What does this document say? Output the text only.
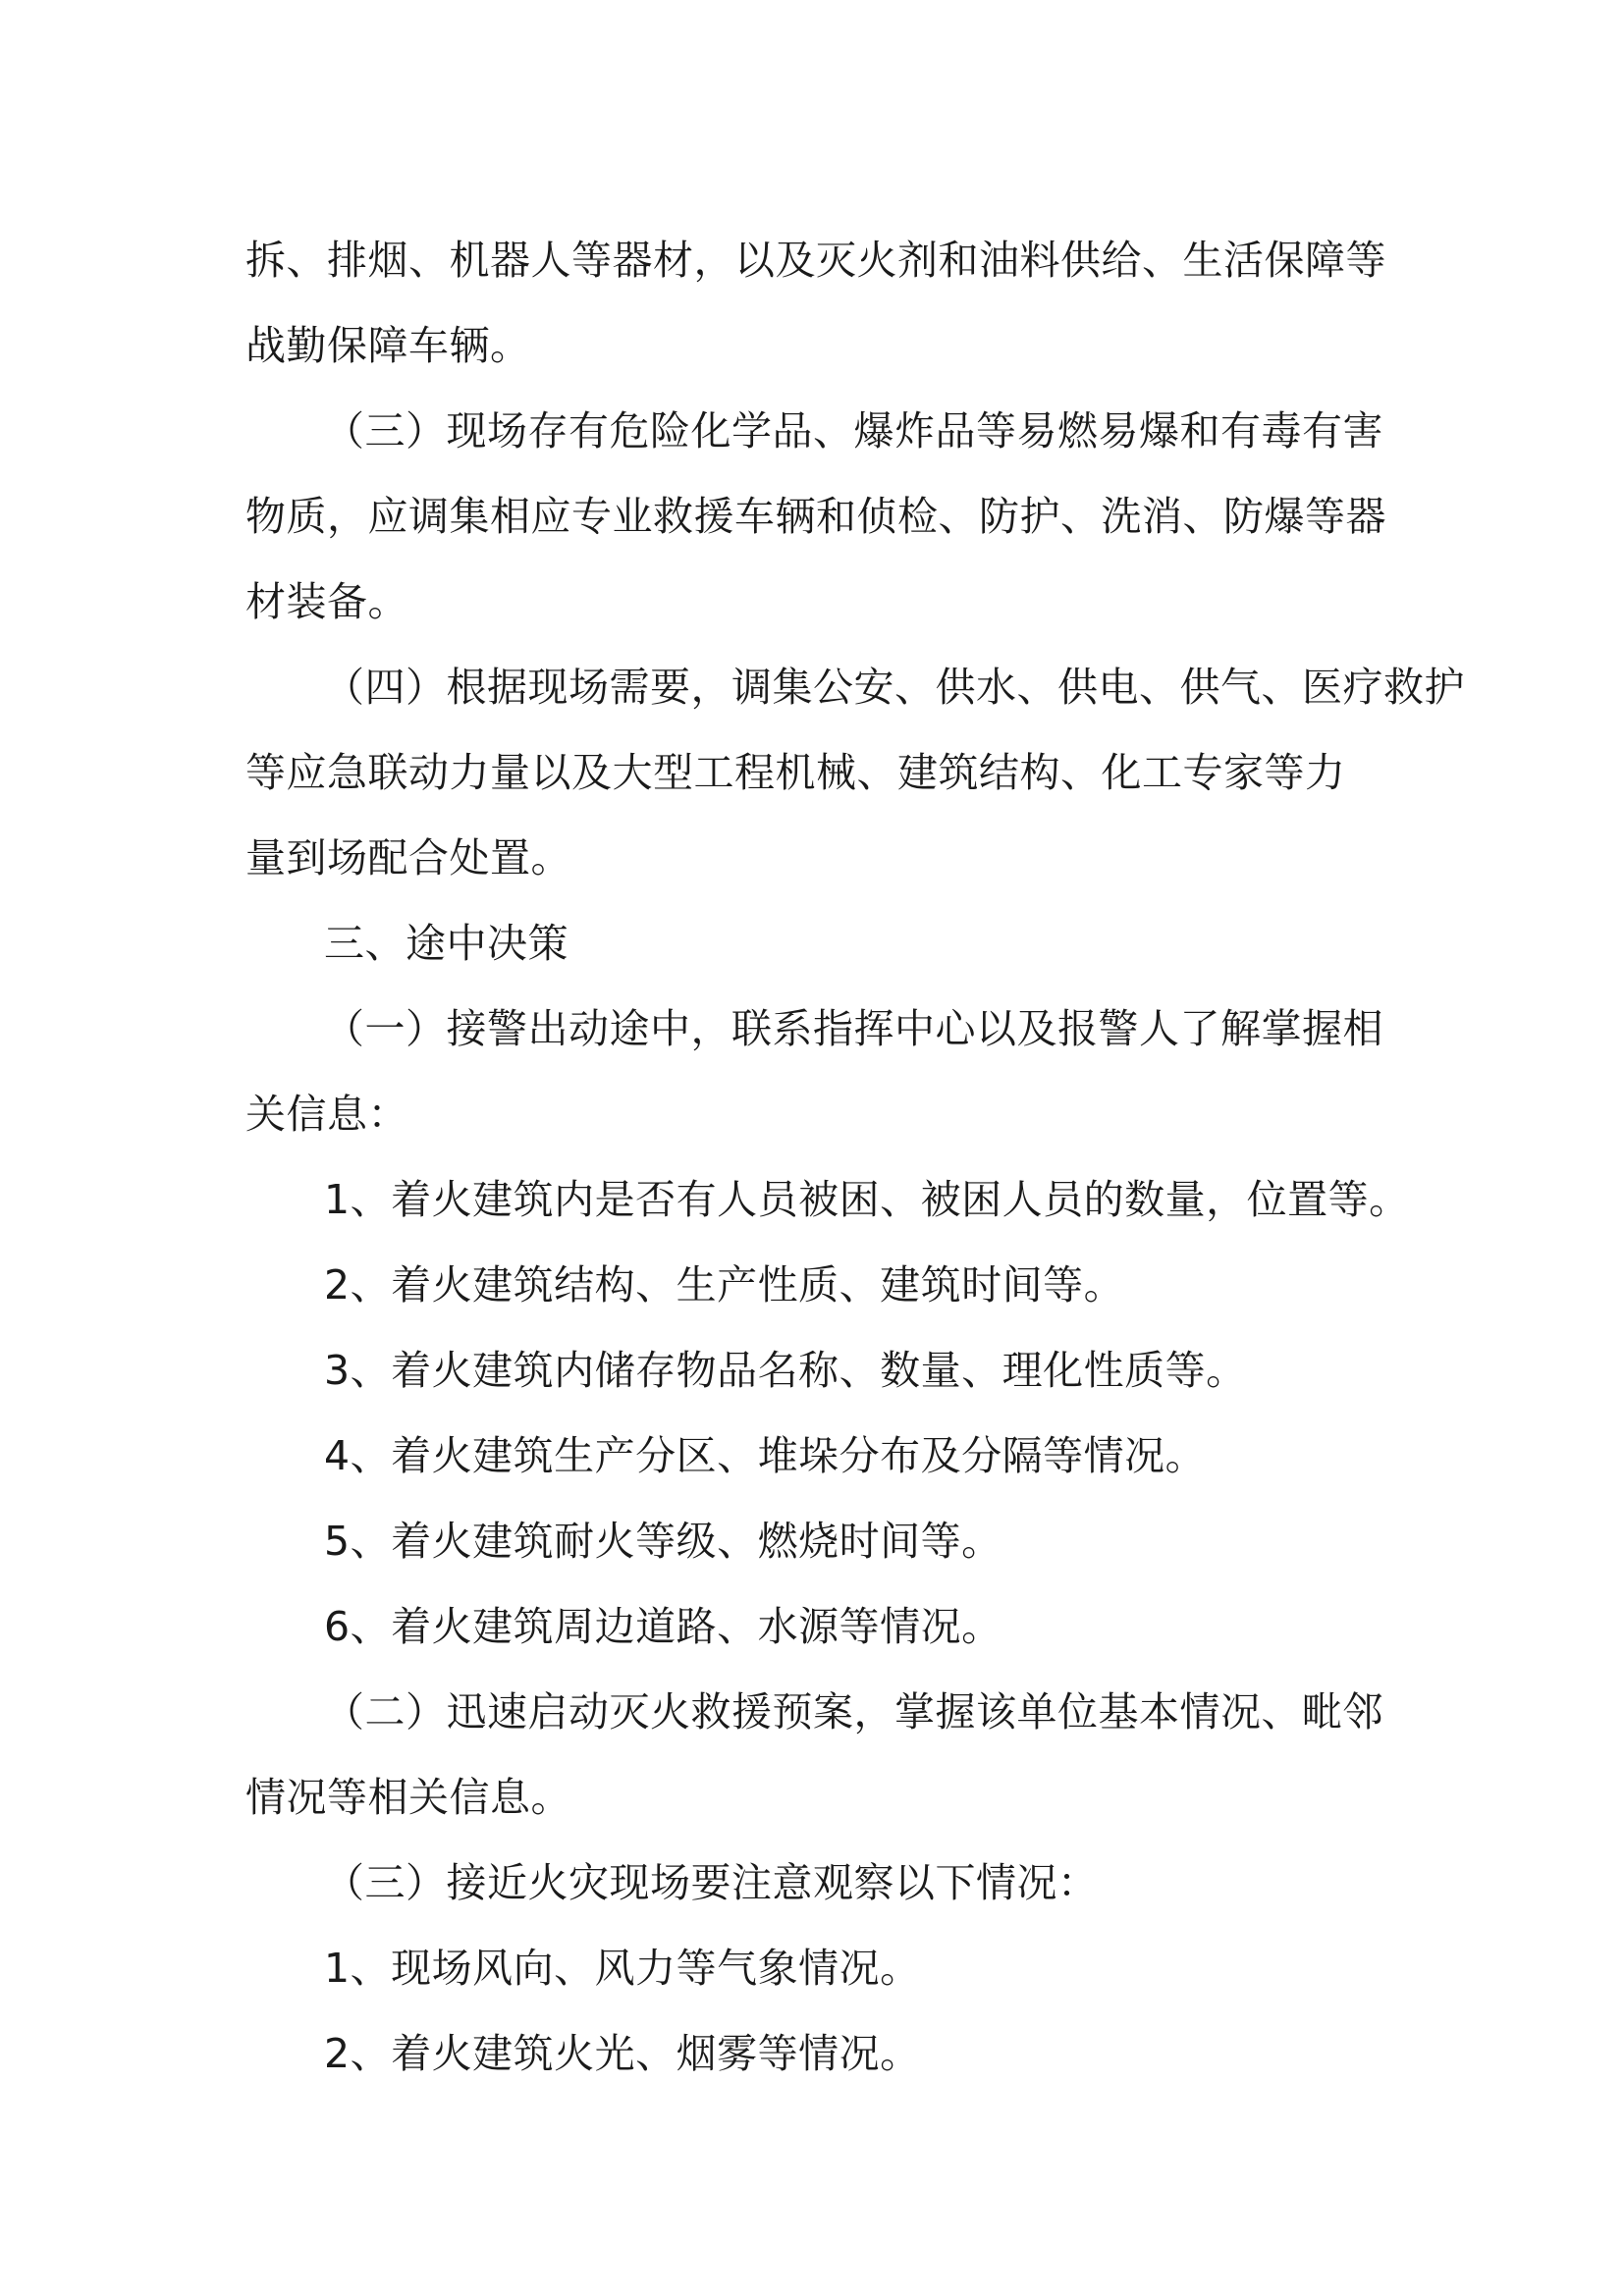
拆、排烟、机器人等器材，以及灭火剂和油料供给、生活保障等
战勤保障车辆。
（三）现场存有危险化学品、爆炸品等易燃易爆和有毒有害
物质，应调集相应专业救援车辆和侦检、防护、洗消、防爆等器
材装备。
（四）根据现场需要，调集公安、供水、供电、供气、医疗救护
等应急联动力量以及大型工程机械、建筑结构、化工专家等力
量到场配合处置。
三、途中决策
（一）接警出动途中，联系指挥中心以及报警人了解掌握相
关信息：
1、着火建筑内是否有人员被困、被困人员的数量，位置等。
2、着火建筑结构、生产性质、建筑时间等。
3、着火建筑内储存物品名称、数量、理化性质等。
4、着火建筑生产分区、堆垛分布及分隔等情况。
5、着火建筑耐火等级、燃烧时间等。
6、着火建筑周边道路、水源等情况。
（二）迅速启动灭火救援预案，掌握该单位基本情况、毗邻
情况等相关信息。
（三）接近火灾现场要注意观察以下情况：
1、现场风向、风力等气象情况。
2、着火建筑火光、烟雾等情况。
